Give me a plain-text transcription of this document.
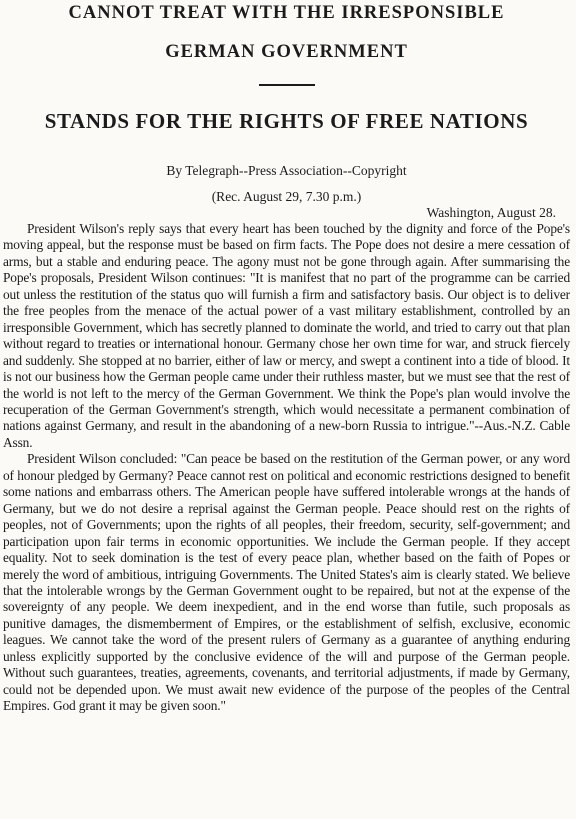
CANNOT TREAT WITH THE IRRESPONSIBLE
GERMAN GOVERNMENT
STANDS FOR THE RIGHTS OF FREE NATIONS
By Telegraph--Press Association--Copyright
(Rec. August 29, 7.30 p.m.)
Washington, August 28.

President Wilson's reply says that every heart has been touched by the dignity and force of the Pope's moving appeal, but the response must be based on firm facts. The Pope does not desire a mere cessation of arms, but a stable and enduring peace. The agony must not be gone through again. After summarising the Pope's proposals, President Wilson continues: "It is manifest that no part of the programme can be carried out unless the restitution of the status quo will furnish a firm and satisfactory basis. Our object is to deliver the free peoples from the menace of the actual power of a vast military establishment, controlled by an irresponsible Government, which has secretly planned to dominate the world, and tried to carry out that plan without regard to treaties or international honour. Germany chose her own time for war, and struck fiercely and suddenly. She stopped at no barrier, either of law or mercy, and swept a continent into a tide of blood. It is not our business how the German people came under their ruthless master, but we must see that the rest of the world is not left to the mercy of the German Government. We think the Pope's plan would involve the recuperation of the German Government's strength, which would necessitate a permanent combination of nations against Germany, and result in the abandoning of a new-born Russia to intrigue."--Aus.-N.Z. Cable Assn.

President Wilson concluded: "Can peace be based on the restitution of the German power, or any word of honour pledged by Germany? Peace cannot rest on political and economic restrictions designed to benefit some nations and embarrass others. The American people have suffered intolerable wrongs at the hands of Germany, but we do not desire a reprisal against the German people. Peace should rest on the rights of peoples, not of Governments; upon the rights of all peoples, their freedom, security, self-government; and participation upon fair terms in economic opportunities. We include the German people. If they accept equality. Not to seek domination is the test of every peace plan, whether based on the faith of Popes or merely the word of ambitious, intriguing Governments. The United States's aim is clearly stated. We believe that the intolerable wrongs by the German Government ought to be repaired, but not at the expense of the sovereignty of any people. We deem inexpedient, and in the end worse than futile, such proposals as punitive damages, the dismemberment of Empires, or the establishment of selfish, exclusive, economic leagues. We cannot take the word of the present rulers of Germany as a guarantee of anything enduring unless explicitly supported by the conclusive evidence of the will and purpose of the German people. Without such guarantees, treaties, agreements, covenants, and territorial adjustments, if made by Germany, could not be depended upon. We must await new evidence of the purpose of the peoples of the Central Empires. God grant it may be given soon."
